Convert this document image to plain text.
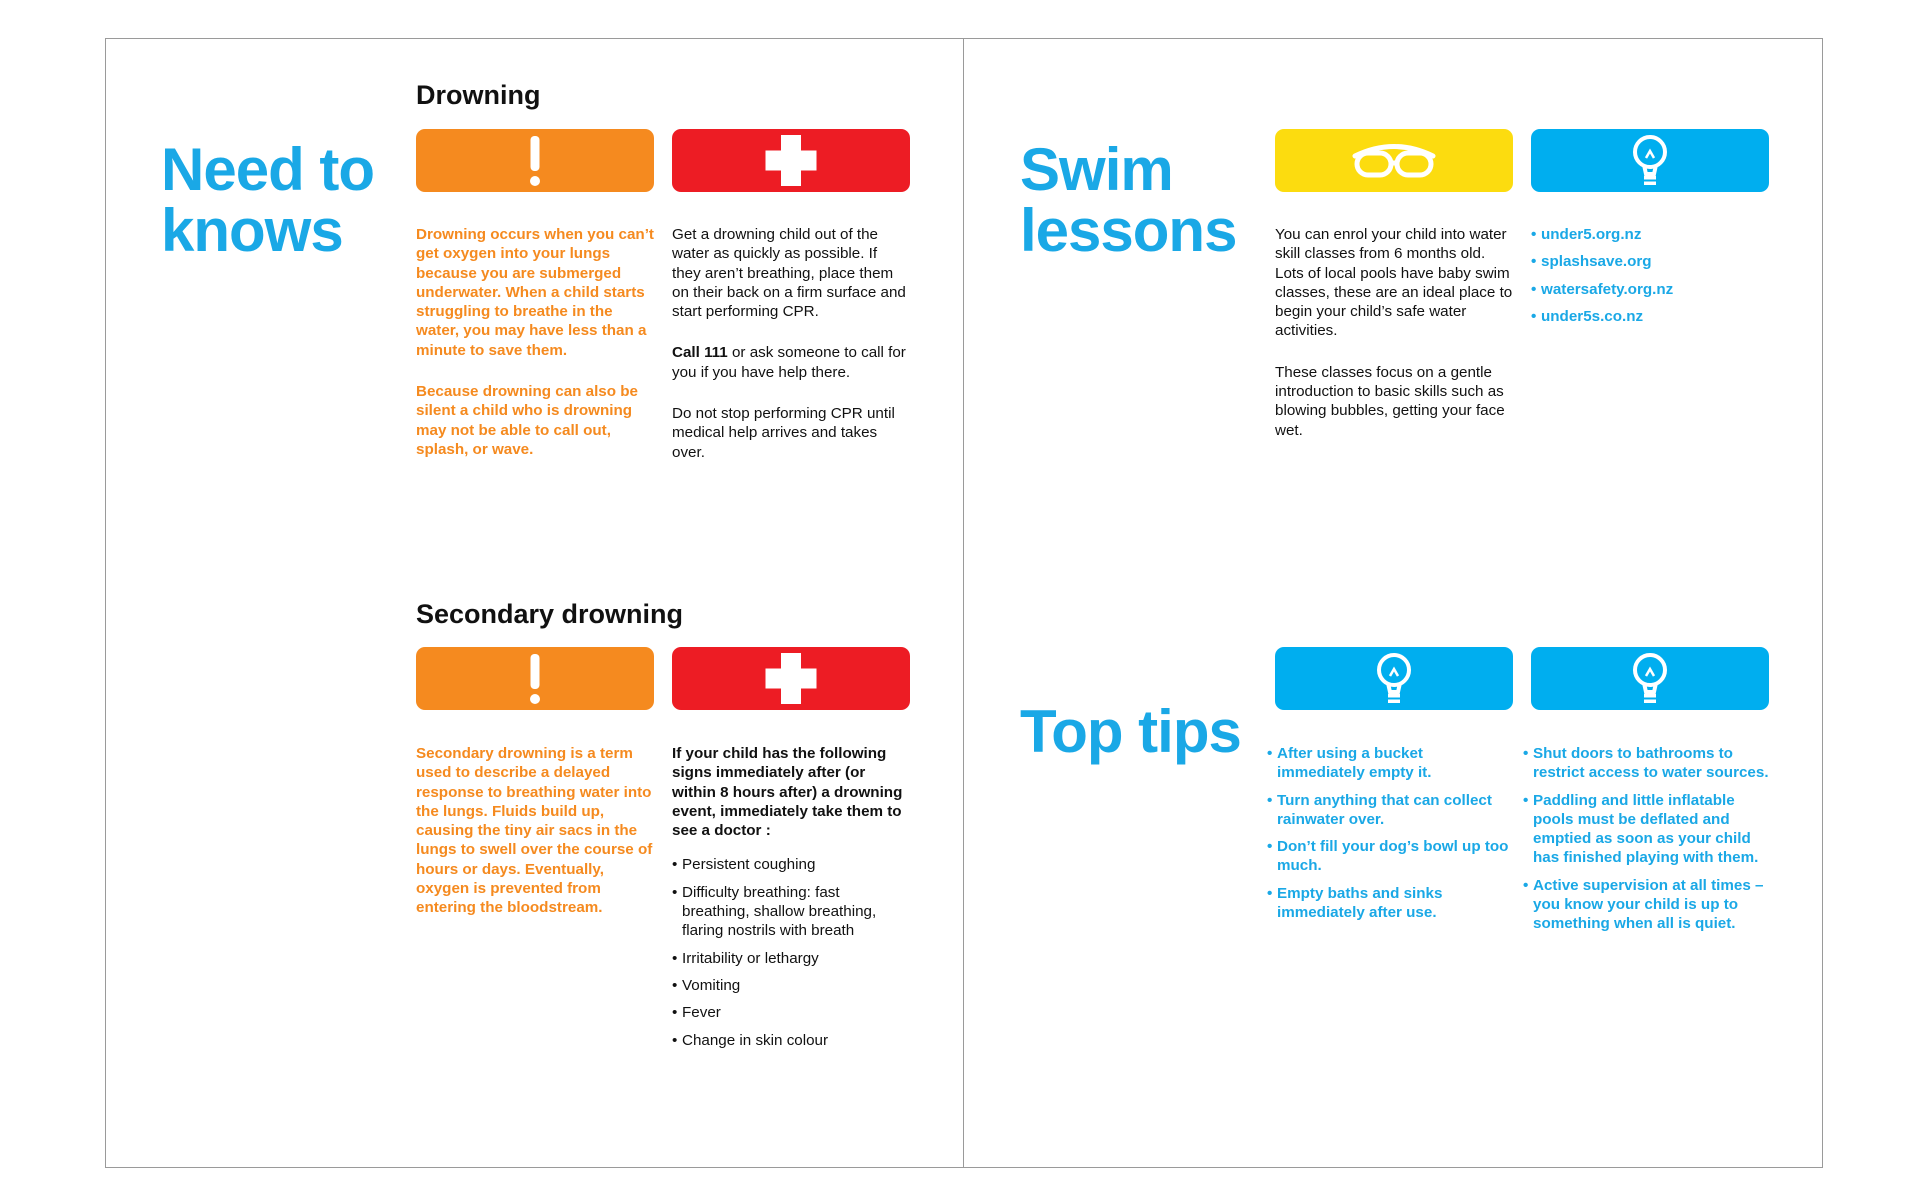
Need to
knows
Drowning

Drowning occurs when you can’t get oxygen into your lungs because you are submerged underwater. When a child starts struggling to breathe in the water, you may have less than a minute to save them.

Because drowning can also be silent a child who is drowning may not be able to call out, splash, or wave.

Get a drowning child out of the water as quickly as possible. If they aren’t breathing, place them on their back on a firm surface and start performing CPR.

Call 111 or ask someone to call for you if you have help there.

Do not stop performing CPR until medical help arrives and takes over.

Secondary drowning

Secondary drowning is a term used to describe a delayed response to breathing water into the lungs. Fluids build up, causing the tiny air sacs in the lungs to swell over the course of hours or days. Eventually, oxygen is prevented from entering the bloodstream.

If your child has the following signs immediately after (or within 8 hours after) a drowning event, immediately take them to see a doctor :

• Persistent coughing
• Difficulty breathing: fast breathing, shallow breathing, flaring nostrils with breath
• Irritability or lethargy
• Vomiting
• Fever
• Change in skin colour
Swim
lessons	You can enrol your child into water skill classes from 6 months old. Lots of local pools have baby swim classes, these are an ideal place to begin your child’s safe water activities.

These classes focus on a gentle introduction to basic skills such as blowing bubbles, getting your face wet.

• under5.org.nz
• splashsave.org
• watersafety.org.nz
• under5s.co.nz
Top tips
•	After using a bucket immediately empty it.
• Turn anything that can collect rainwater over.
• Don’t fill your dog’s bowl up too much.
• Empty baths and sinks immediately after use.
• Shut doors to bathrooms to restrict access to water sources.
• Paddling and little inflatable pools must be deflated and emptied as soon as your child has finished playing with them.
• Active supervision at all times – you know your child is up to something when all is quiet.
